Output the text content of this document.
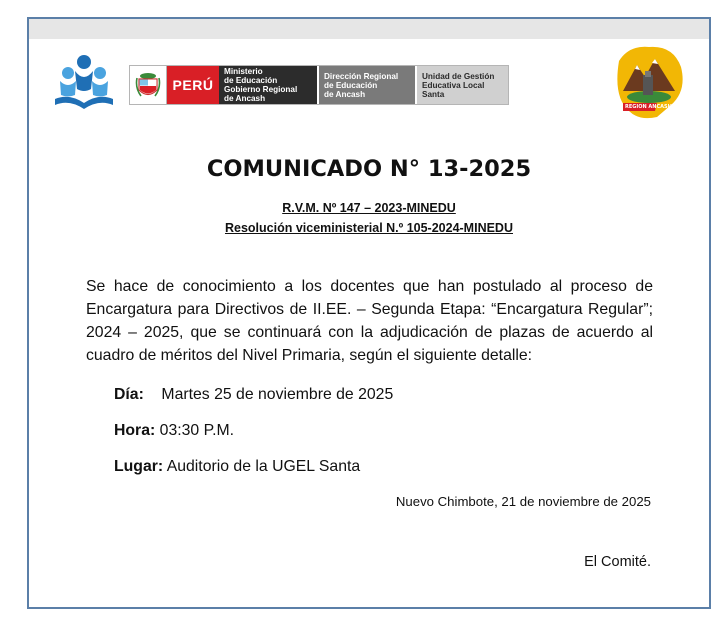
PERÚ
Ministerio
de Educación
Gobierno Regional
de Ancash
Dirección Regional
de Educación
de Ancash
Unidad de Gestión
Educativa Local
Santa
REGION ANCASH
COMUNICADO N° 13-2025
R.V.M. Nº 147 – 2023-MINEDU
Resolución viceministerial N.º 105-2024-MINEDU
Se hace de conocimiento a los docentes que han postulado al proceso de Encargatura para Directivos de II.EE. – Segunda Etapa: “Encargatura Regular”; 2024 – 2025, que se continuará con la adjudicación de plazas de acuerdo al cuadro de méritos del Nivel Primaria, según el siguiente detalle:
Día: Martes 25 de noviembre de 2025
Hora: 03:30 P.M.
Lugar: Auditorio de la UGEL Santa
Nuevo Chimbote, 21 de noviembre de 2025
El Comité.
